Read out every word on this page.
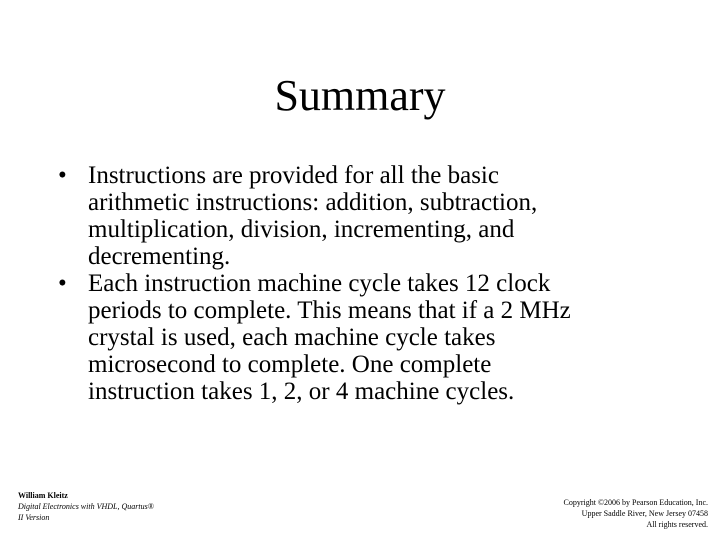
Summary
• Instructions are provided for all the basic
arithmetic instructions: addition, subtraction,
multiplication, division, incrementing, and
decrementing.
• Each instruction machine cycle takes 12 clock
periods to complete. This means that if a 2 MHz
crystal is used, each machine cycle takes
microsecond to complete. One complete
instruction takes 1, 2, or 4 machine cycles.
William Kleitz
Digital Electronics with VHDL, Quartus®
II Version
Copyright ©2006 by Pearson Education, Inc.
Upper Saddle River, New Jersey 07458
All rights reserved.
